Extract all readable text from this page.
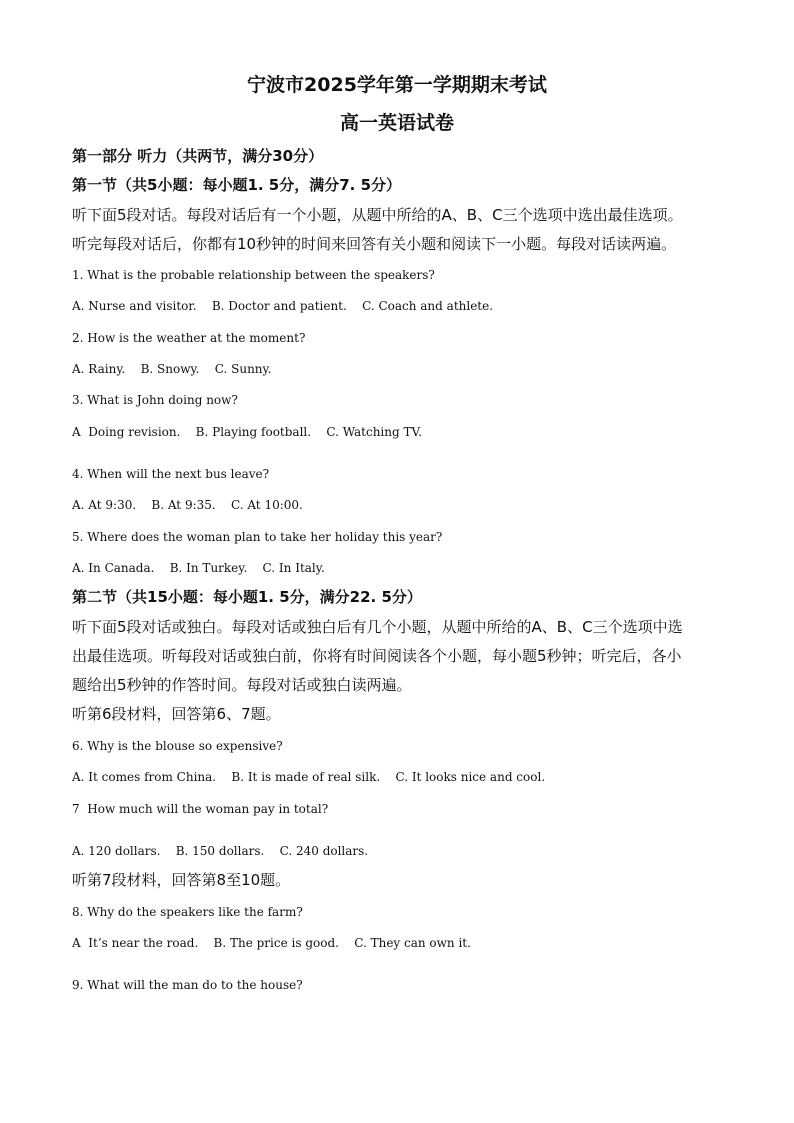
宁波市2025学年第一学期期末考试
高一英语试卷
第一部分 听力（共两节，满分30分）
第一节（共5小题：每小题1. 5分，满分7. 5分）
听下面5段对话。每段对话后有一个小题，从题中所给的A、B、C三个选项中选出最佳选项。
听完每段对话后，你都有10秒钟的时间来回答有关小题和阅读下一小题。每段对话读两遍。
1. What is the probable relationship between the speakers?
A. Nurse and visitor.    B. Doctor and patient.    C. Coach and athlete.
2. How is the weather at the moment?
A. Rainy.    B. Snowy.    C. Sunny.
3. What is John doing now?
A  Doing revision.    B. Playing football.    C. Watching TV.
4. When will the next bus leave?
A. At 9:30.    B. At 9:35.    C. At 10:00.
5. Where does the woman plan to take her holiday this year?
A. In Canada.    B. In Turkey.    C. In Italy.
第二节（共15小题：每小题1. 5分，满分22. 5分）
听下面5段对话或独白。每段对话或独白后有几个小题，从题中所给的A、B、C三个选项中选
出最佳选项。听每段对话或独白前，你将有时间阅读各个小题，每小题5秒钟；听完后，各小
题给出5秒钟的作答时间。每段对话或独白读两遍。
听第6段材料，回答第6、7题。
6. Why is the blouse so expensive?
A. It comes from China.    B. It is made of real silk.    C. It looks nice and cool.
7  How much will the woman pay in total?
A. 120 dollars.    B. 150 dollars.    C. 240 dollars.
听第7段材料，回答第8至10题。
8. Why do the speakers like the farm?
A  It’s near the road.    B. The price is good.    C. They can own it.
9. What will the man do to the house?
